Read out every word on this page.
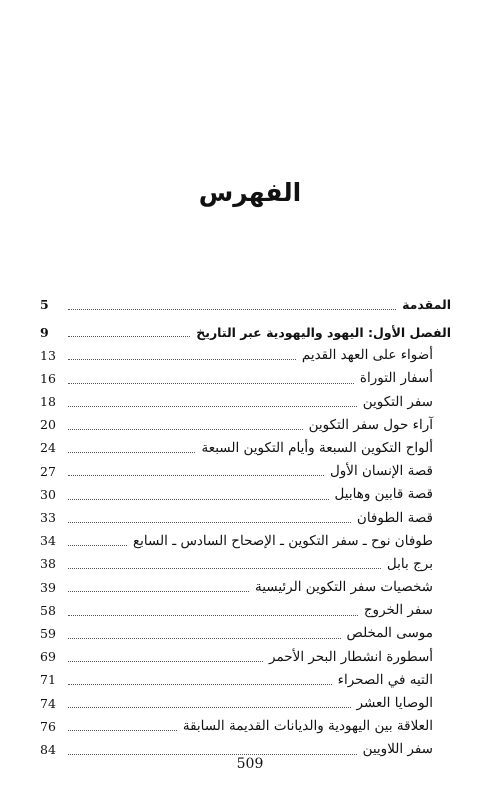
الفهرس
المقدمة
5
الفصل الأول: اليهود واليهودية عبر التاريخ
9
أضواء على العهد القديم
13
أسفار التوراة
16
سفر التكوين
18
آراء حول سفر التكوين
20
ألواح التكوين السبعة وأيام التكوين السبعة
24
قصة الإنسان الأول
27
قصة قابين وهابيل
30
قصة الطوفان
33
طوفان نوح ـ سفر التكوين ـ الإصحاح السادس ـ السابع
34
برج بابل
38
شخصيات سفر التكوين الرئيسية
39
سفر الخروج
58
موسى المخلص
59
أسطورة انشطار البحر الأحمر
69
التيه في الصحراء
71
الوصايا العشر
74
العلاقة بين اليهودية والديانات القديمة السابقة
76
سفر اللاويين
84
509
